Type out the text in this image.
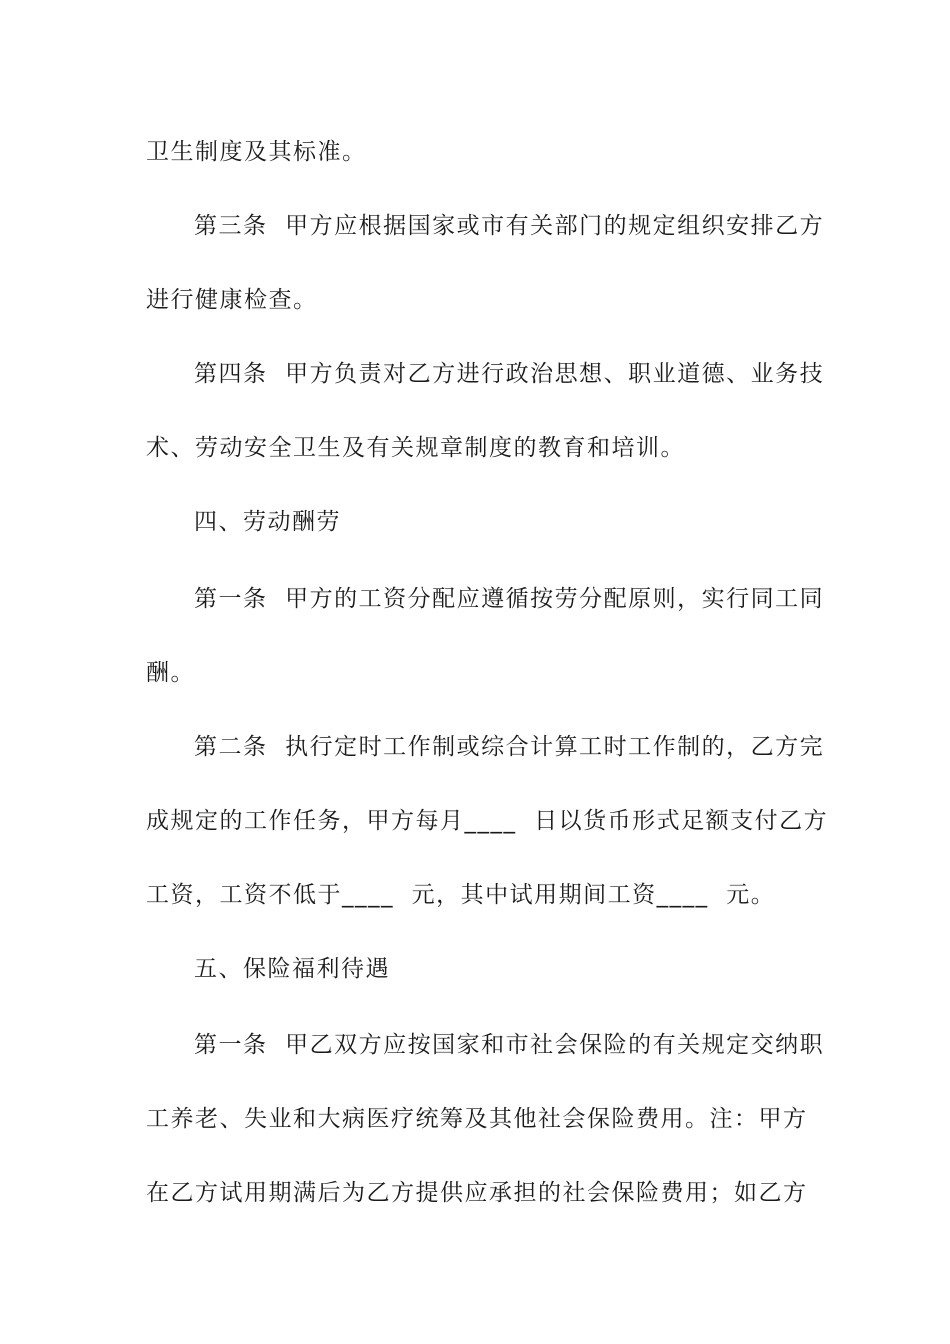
卫生制度及其标准。
第三条  甲方应根据国家或市有关部门的规定组织安排乙方
进行健康检查。
第四条  甲方负责对乙方进行政治思想、职业道德、业务技
术、劳动安全卫生及有关规章制度的教育和培训。
四、劳动酬劳
第一条  甲方的工资分配应遵循按劳分配原则，实行同工同
酬。
第二条  执行定时工作制或综合计算工时工作制的，乙方完
成规定的工作任务，甲方每月____  日以货币形式足额支付乙方
工资，工资不低于____  元，其中试用期间工资____  元。
五、保险福利待遇
第一条  甲乙双方应按国家和市社会保险的有关规定交纳职
工养老、失业和大病医疗统筹及其他社会保险费用。注：甲方
在乙方试用期满后为乙方提供应承担的社会保险费用；如乙方
